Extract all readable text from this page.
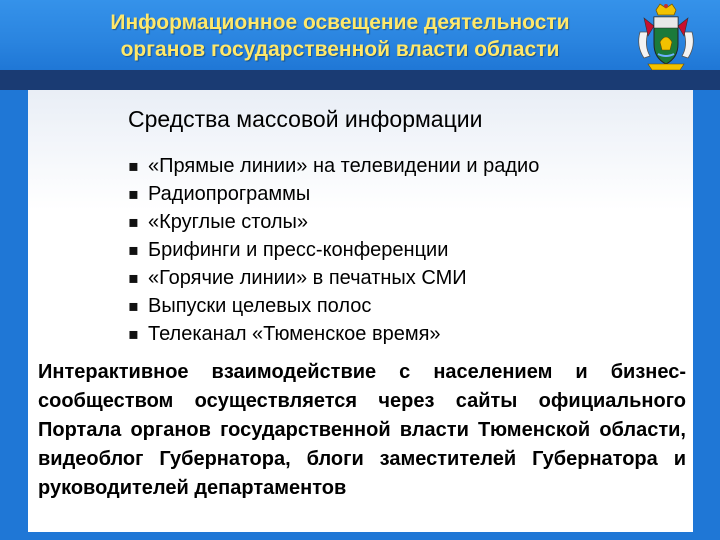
Информационное освещение деятельности органов государственной власти области
Средства массовой информации
▪ «Прямые линии» на телевидении и радио
▪ Радиопрограммы
▪ «Круглые столы»
▪ Брифинги и пресс-конференции
▪ «Горячие линии» в печатных СМИ
▪ Выпуски целевых полос
▪ Телеканал «Тюменское время»
Интерактивное взаимодействие с населением и бизнес-сообществом осуществляется через сайты официального Портала органов государственной власти Тюменской области, видеоблог Губернатора, блоги заместителей Губернатора и руководителей департаментов
